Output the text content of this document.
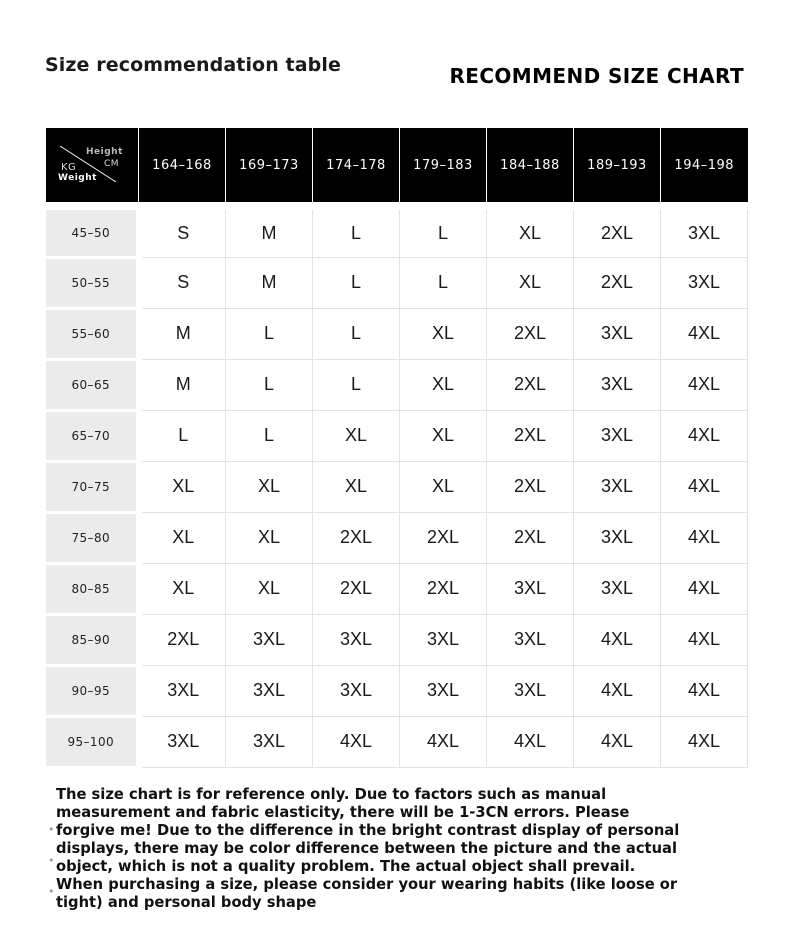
Size recommendation table	RECOMMEND SIZE CHART
Height
CM
KG
Weight	164–168	169–173	174–178	179–183	184–188	189–193	194–198
45–50	S	M	L	L	XL	2XL	3XL
50–55	S	M	L	L	XL	2XL	3XL
55–60	M	L	L	XL	2XL	3XL	4XL
60–65	M	L	L	XL	2XL	3XL	4XL
65–70	L	L	XL	XL	2XL	3XL	4XL
70–75	XL	XL	XL	XL	2XL	3XL	4XL
75–80	XL	XL	2XL	2XL	2XL	3XL	4XL
80–85	XL	XL	2XL	2XL	3XL	3XL	4XL
85–90	2XL	3XL	3XL	3XL	3XL	4XL	4XL
90–95	3XL	3XL	3XL	3XL	3XL	4XL	4XL
95–100	3XL	3XL	4XL	4XL	4XL	4XL	4XL
•
•
•

The size chart is for reference only. Due to factors such as manual measurement and fabric elasticity, there will be 1-3CN errors. Please forgive me! Due to the difference in the bright contrast display of personal displays, there may be color difference between the picture and the actual object, which is not a quality problem. The actual object shall prevail. When purchasing a size, please consider your wearing habits (like loose or tight) and personal body shape
